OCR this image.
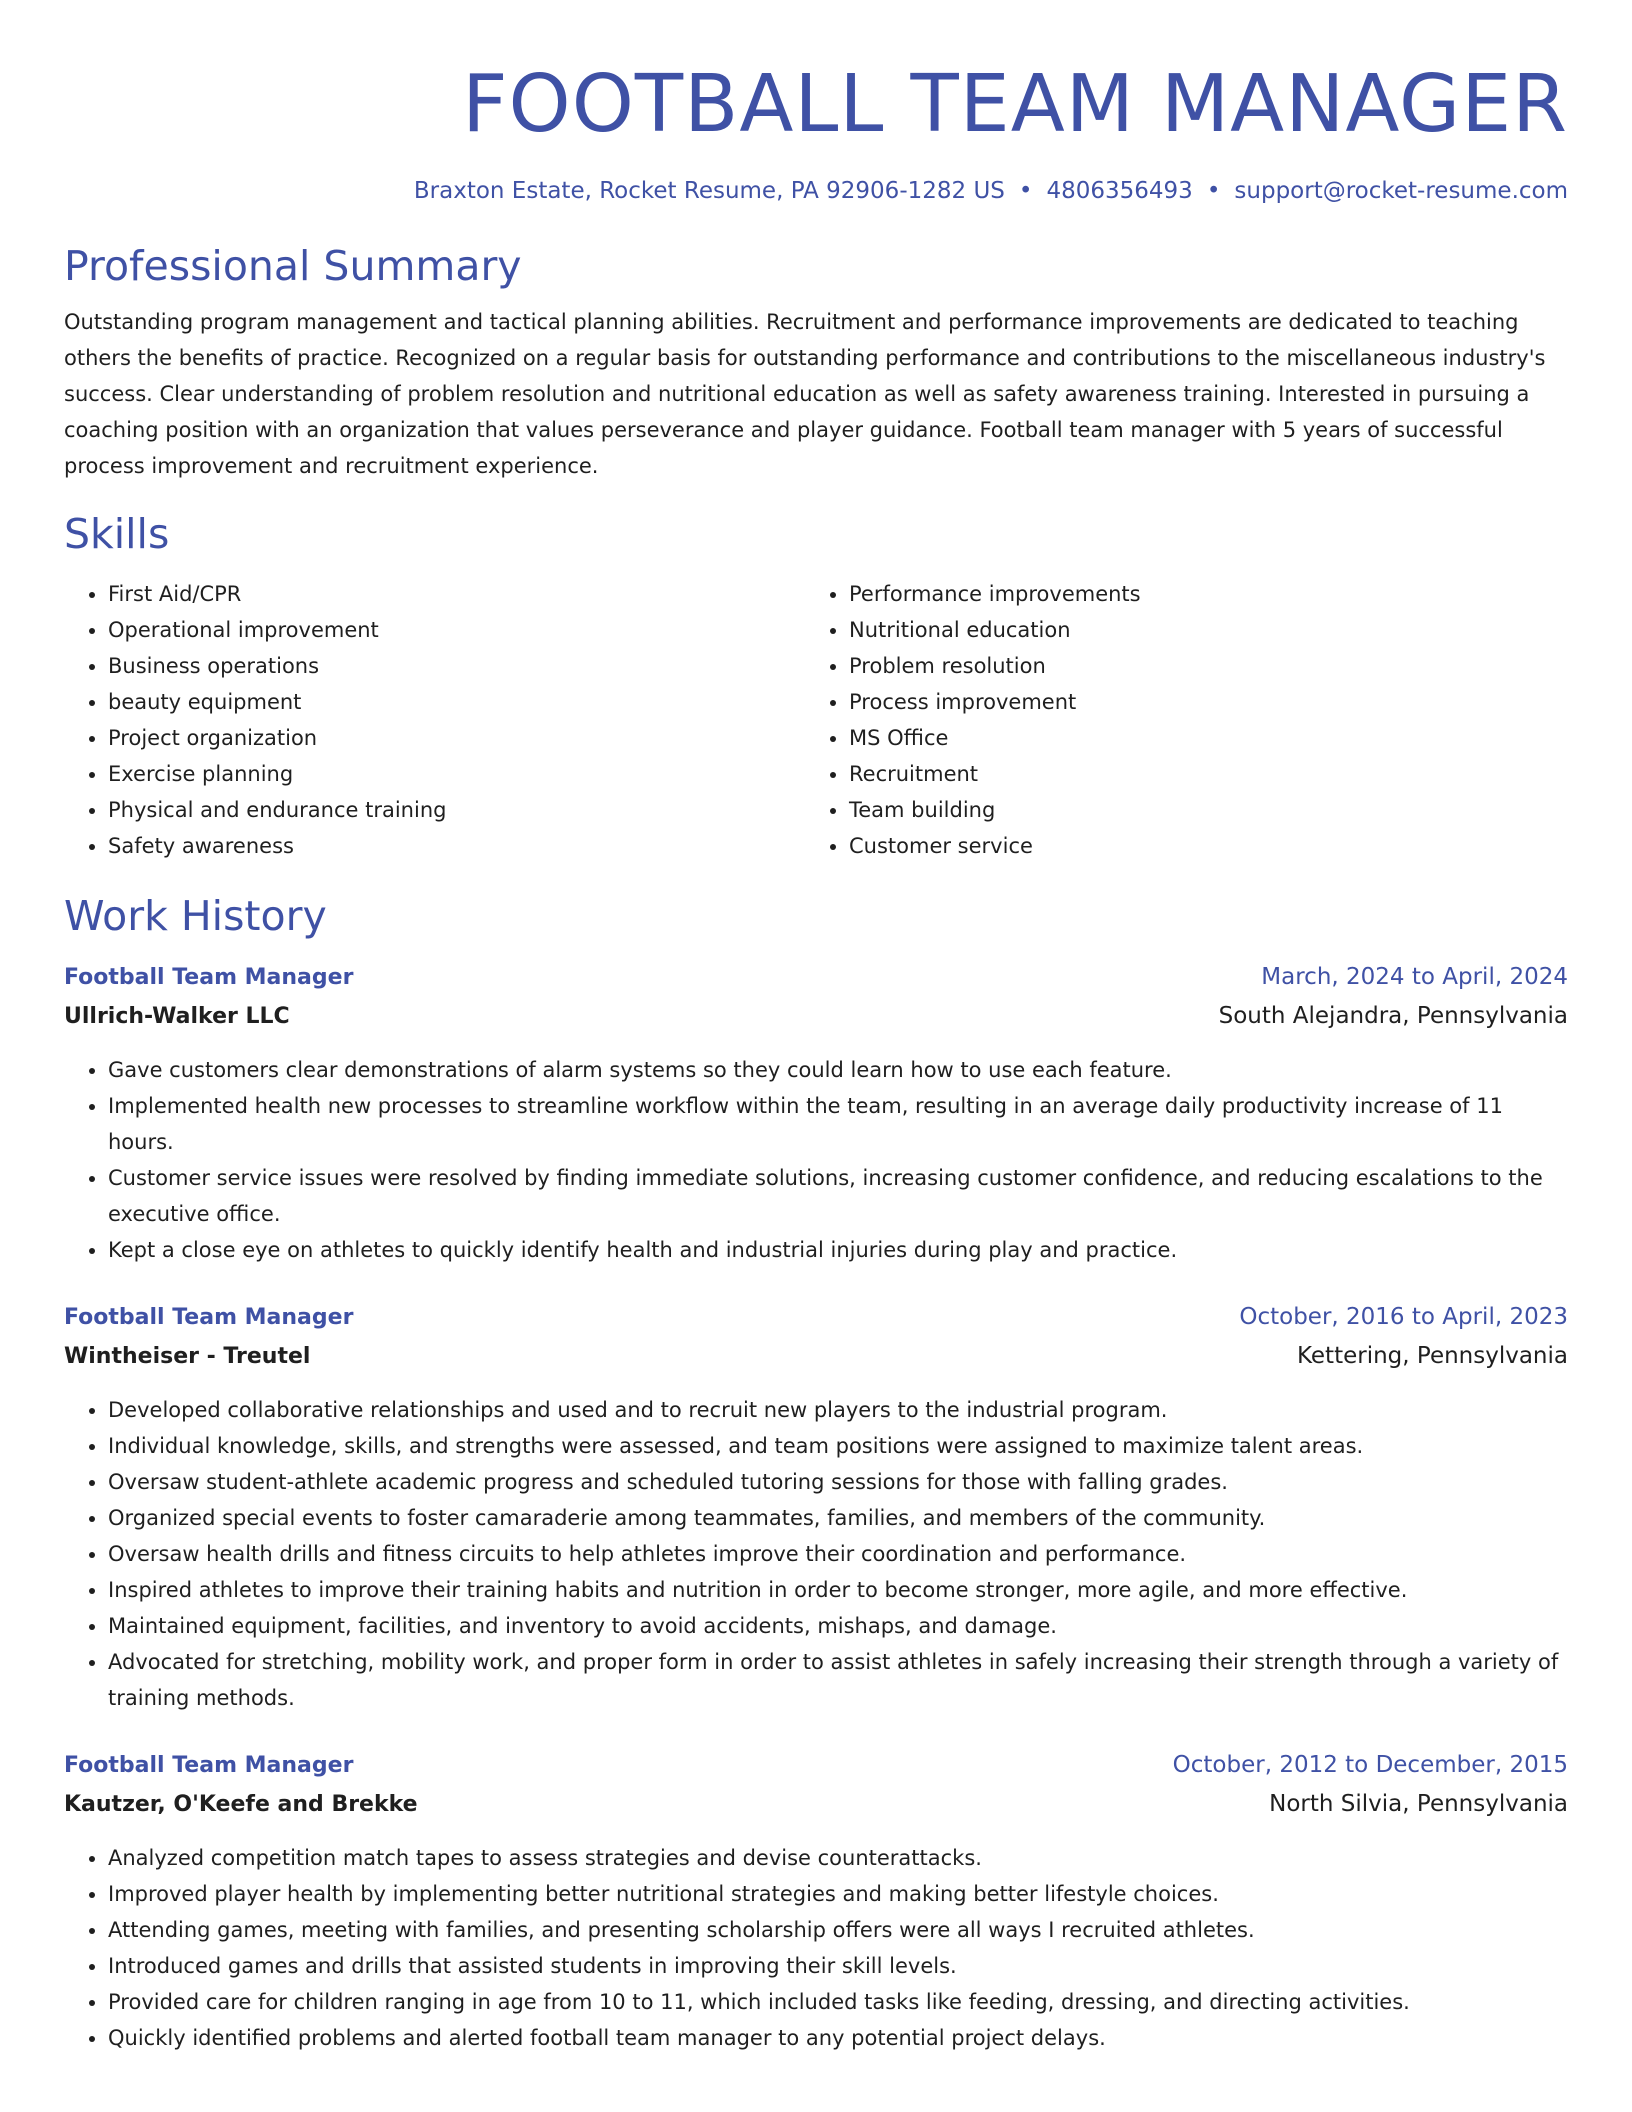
FOOTBALL TEAM MANAGER
Braxton Estate, Rocket Resume, PA 92906-1282 US • 4806356493 • support@rocket-resume.com
Professional Summary

Outstanding program management and tactical planning abilities. Recruitment and performance improvements are dedicated to teaching others the benefits of practice. Recognized on a regular basis for outstanding performance and contributions to the miscellaneous industry's success. Clear understanding of problem resolution and nutritional education as well as safety awareness training. Interested in pursuing a coaching position with an organization that values perseverance and player guidance. Football team manager with 5 years of successful process improvement and recruitment experience.

Skills
• First Aid/CPR
• Operational improvement
• Business operations
• beauty equipment
• Project organization
• Exercise planning
• Physical and endurance training
• Safety awareness
• Performance improvements
• Nutritional education
• Problem resolution
• Process improvement
• MS Office
• Recruitment
• Team building
• Customer service
Work History
Football Team Manager	March, 2024 to April, 2024
Ullrich-Walker LLC	South Alejandra, Pennsylvania
• Gave customers clear demonstrations of alarm systems so they could learn how to use each feature.
• Implemented health new processes to streamline workflow within the team, resulting in an average daily productivity increase of 11 hours.
• Customer service issues were resolved by finding immediate solutions, increasing customer confidence, and reducing escalations to the executive office.
• Kept a close eye on athletes to quickly identify health and industrial injuries during play and practice.
Football Team Manager	October, 2016 to April, 2023
Wintheiser - Treutel	Kettering, Pennsylvania
• Developed collaborative relationships and used and to recruit new players to the industrial program.
• Individual knowledge, skills, and strengths were assessed, and team positions were assigned to maximize talent areas.
• Oversaw student-athlete academic progress and scheduled tutoring sessions for those with falling grades.
• Organized special events to foster camaraderie among teammates, families, and members of the community.
• Oversaw health drills and fitness circuits to help athletes improve their coordination and performance.
• Inspired athletes to improve their training habits and nutrition in order to become stronger, more agile, and more effective.
• Maintained equipment, facilities, and inventory to avoid accidents, mishaps, and damage.
• Advocated for stretching, mobility work, and proper form in order to assist athletes in safely increasing their strength through a variety of training methods.
Football Team Manager	October, 2012 to December, 2015
Kautzer, O'Keefe and Brekke	North Silvia, Pennsylvania
• Analyzed competition match tapes to assess strategies and devise counterattacks.
• Improved player health by implementing better nutritional strategies and making better lifestyle choices.
• Attending games, meeting with families, and presenting scholarship offers were all ways I recruited athletes.
• Introduced games and drills that assisted students in improving their skill levels.
• Provided care for children ranging in age from 10 to 11, which included tasks like feeding, dressing, and directing activities.
• Quickly identified problems and alerted football team manager to any potential project delays.
